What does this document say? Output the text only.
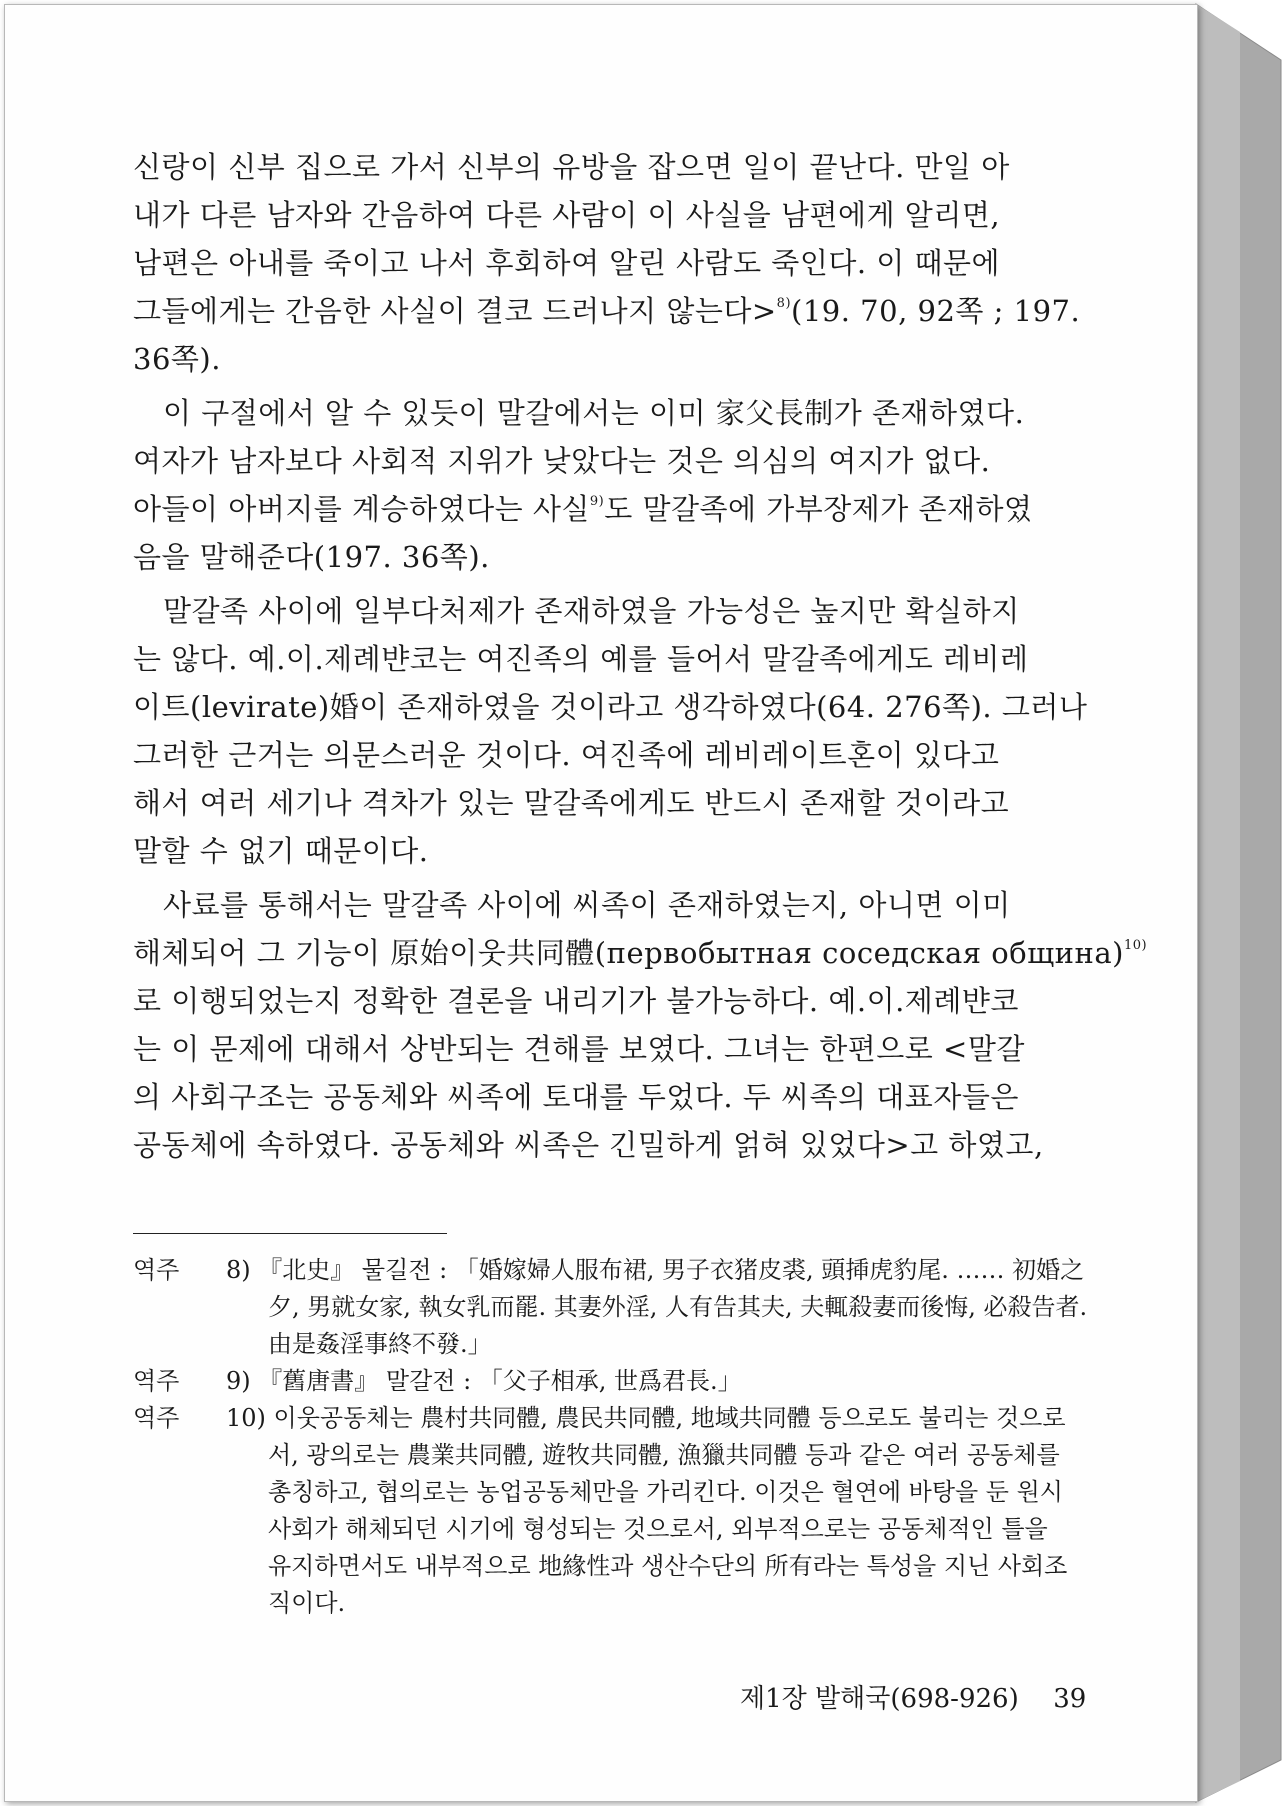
신랑이 신부 집으로 가서 신부의 유방을 잡으면 일이 끝난다. 만일 아
내가 다른 남자와 간음하여 다른 사람이 이 사실을 남편에게 알리면,
남편은 아내를 죽이고 나서 후회하여 알린 사람도 죽인다. 이 때문에
그들에게는 간음한 사실이 결코 드러나지 않는다>$^{8)}$(19. 70, 92쪽 ; 197.
36쪽).
이 구절에서 알 수 있듯이 말갈에서는 이미 家父長制가 존재하였다.
여자가 남자보다 사회적 지위가 낮았다는 것은 의심의 여지가 없다.
아들이 아버지를 계승하였다는 사실$^{9)}$도 말갈족에 가부장제가 존재하였
음을 말해준다(197. 36쪽).
말갈족 사이에 일부다처제가 존재하였을 가능성은 높지만 확실하지
는 않다. 예.이.제례뱐코는 여진족의 예를 들어서 말갈족에게도 레비레
이트(levirate)婚이 존재하였을 것이라고 생각하였다(64. 276쪽). 그러나
그러한 근거는 의문스러운 것이다. 여진족에 레비레이트혼이 있다고
해서 여러 세기나 격차가 있는 말갈족에게도 반드시 존재할 것이라고
말할 수 없기 때문이다.
사료를 통해서는 말갈족 사이에 씨족이 존재하였는지, 아니면 이미
해체되어 그 기능이 原始이웃共同體(первобытная соседская община)$^{10)}$
로 이행되었는지 정확한 결론을 내리기가 불가능하다. 예.이.제례뱐코
는 이 문제에 대해서 상반되는 견해를 보였다. 그녀는 한편으로 <말갈
의 사회구조는 공동체와 씨족에 토대를 두었다. 두 씨족의 대표자들은
공동체에 속하였다. 공동체와 씨족은 긴밀하게 얽혀 있었다>고 하였고,
역주	8) 『北史』 물길전 : 「婚嫁婦人服布裙, 男子衣猪皮裘, 頭揷虎豹尾. …… 初婚之
夕, 男就女家, 執女乳而罷. 其妻外淫, 人有告其夫, 夫輒殺妻而後悔, 必殺告者.
由是姦淫事終不發.」
역주	9) 『舊唐書』 말갈전 : 「父子相承, 世爲君長.」
역주	10) 이웃공동체는 農村共同體, 農民共同體, 地域共同體 등으로도 불리는 것으로
서, 광의로는 農業共同體, 遊牧共同體, 漁獵共同體 등과 같은 여러 공동체를
총칭하고, 협의로는 농업공동체만을 가리킨다. 이것은 혈연에 바탕을 둔 원시
사회가 해체되던 시기에 형성되는 것으로서, 외부적으로는 공동체적인 틀을
유지하면서도 내부적으로 地緣性과 생산수단의 所有라는 특성을 지닌 사회조
직이다.
제1장 발해국(698-926) 39
